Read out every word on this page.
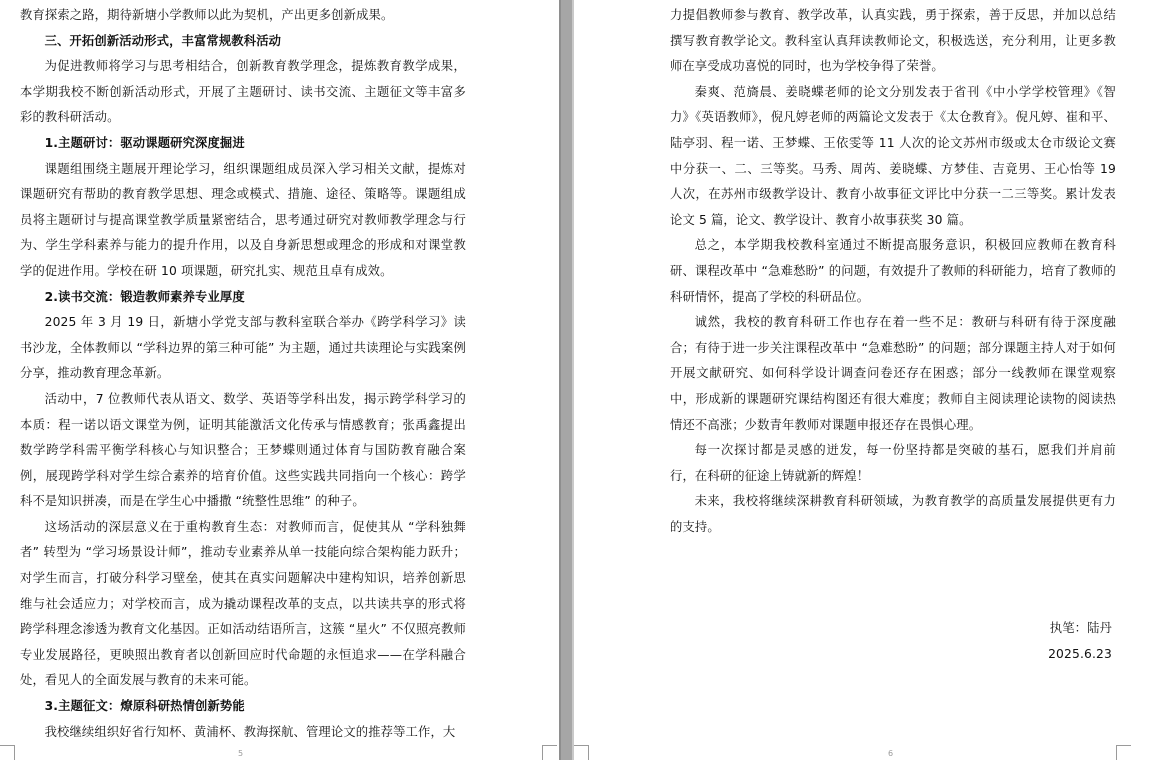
教育探索之路，期待新塘小学教师以此为契机，产出更多创新成果。

三、开拓创新活动形式，丰富常规教科活动

为促进教师将学习与思考相结合，创新教育教学理念，提炼教育教学成果，本学期我校不断创新活动形式，开展了主题研讨、读书交流、主题征文等丰富多彩的教科研活动。

1.主题研讨：驱动课题研究深度掘进

课题组围绕主题展开理论学习，组织课题组成员深入学习相关文献，提炼对课题研究有帮助的教育教学思想、理念或模式、措施、途径、策略等。课题组成员将主题研讨与提高课堂教学质量紧密结合，思考通过研究对教师教学理念与行为、学生学科素养与能力的提升作用，以及自身新思想或理念的形成和对课堂教学的促进作用。学校在研 10 项课题，研究扎实、规范且卓有成效。

2.读书交流：锻造教师素养专业厚度

2025 年 3 月 19 日，新塘小学党支部与教科室联合举办《跨学科学习》读书沙龙，全体教师以 “学科边界的第三种可能” 为主题，通过共读理论与实践案例分享，推动教育理念革新。

活动中，7 位教师代表从语文、数学、英语等学科出发，揭示跨学科学习的本质：程一诺以语文课堂为例，证明其能激活文化传承与情感教育；张禹鑫提出数学跨学科需平衡学科核心与知识整合；王梦蝶则通过体育与国防教育融合案例，展现跨学科对学生综合素养的培育价值。这些实践共同指向一个核心：跨学科不是知识拼凑，而是在学生心中播撒 “统整性思维” 的种子。

这场活动的深层意义在于重构教育生态：对教师而言，促使其从 “学科独舞者” 转型为 “学习场景设计师”，推动专业素养从单一技能向综合架构能力跃升；对学生而言，打破分科学习壁垒，使其在真实问题解决中建构知识，培养创新思维与社会适应力；对学校而言，成为撬动课程改革的支点，以共读共享的形式将跨学科理念渗透为教育文化基因。正如活动结语所言，这簇 “星火” 不仅照亮教师专业发展路径，更映照出教育者以创新回应时代命题的永恒追求——在学科融合处，看见人的全面发展与教育的未来可能。

3.主题征文：燎原科研热情创新势能

我校继续组织好省行知杯、黄浦杯、教海探航、管理论文的推荐等工作，大

5

力提倡教师参与教育、教学改革，认真实践，勇于探索，善于反思，并加以总结撰写教育教学论文。教科室认真拜读教师论文，积极选送，充分利用，让更多教师在享受成功喜悦的同时，也为学校争得了荣誉。

秦爽、范旖晨、姜晓蝶老师的论文分别发表于省刊《中小学学校管理》《智力》《英语教师》，倪凡婷老师的两篇论文发表于《太仓教育》。倪凡婷、崔和平、陆亭羽、程一诺、王梦蝶、王依雯等 11 人次的论文苏州市级或太仓市级论文赛中分获一、二、三等奖。马秀、周芮、姜晓蝶、方梦佳、吉竟男、王心怡等 19 人次，在苏州市级教学设计、教育小故事征文评比中分获一二三等奖。累计发表论文 5 篇，论文、教学设计、教育小故事获奖 30 篇。

总之，本学期我校教科室通过不断提高服务意识，积极回应教师在教育科研、课程改革中 “急难愁盼” 的问题，有效提升了教师的科研能力，培育了教师的科研情怀，提高了学校的科研品位。

诚然，我校的教育科研工作也存在着一些不足：教研与科研有待于深度融合；有待于进一步关注课程改革中 “急难愁盼” 的问题；部分课题主持人对于如何开展文献研究、如何科学设计调查问卷还存在困惑；部分一线教师在课堂观察中，形成新的课题研究课结构图还有很大难度；教师自主阅读理论读物的阅读热情还不高涨；少数青年教师对课题申报还存在畏惧心理。

每一次探讨都是灵感的迸发，每一份坚持都是突破的基石，愿我们并肩前行，在科研的征途上铸就新的辉煌！

未来，我校将继续深耕教育科研领域，为教育教学的高质量发展提供更有力的支持。

执笔：陆丹

2025.6.23

6
